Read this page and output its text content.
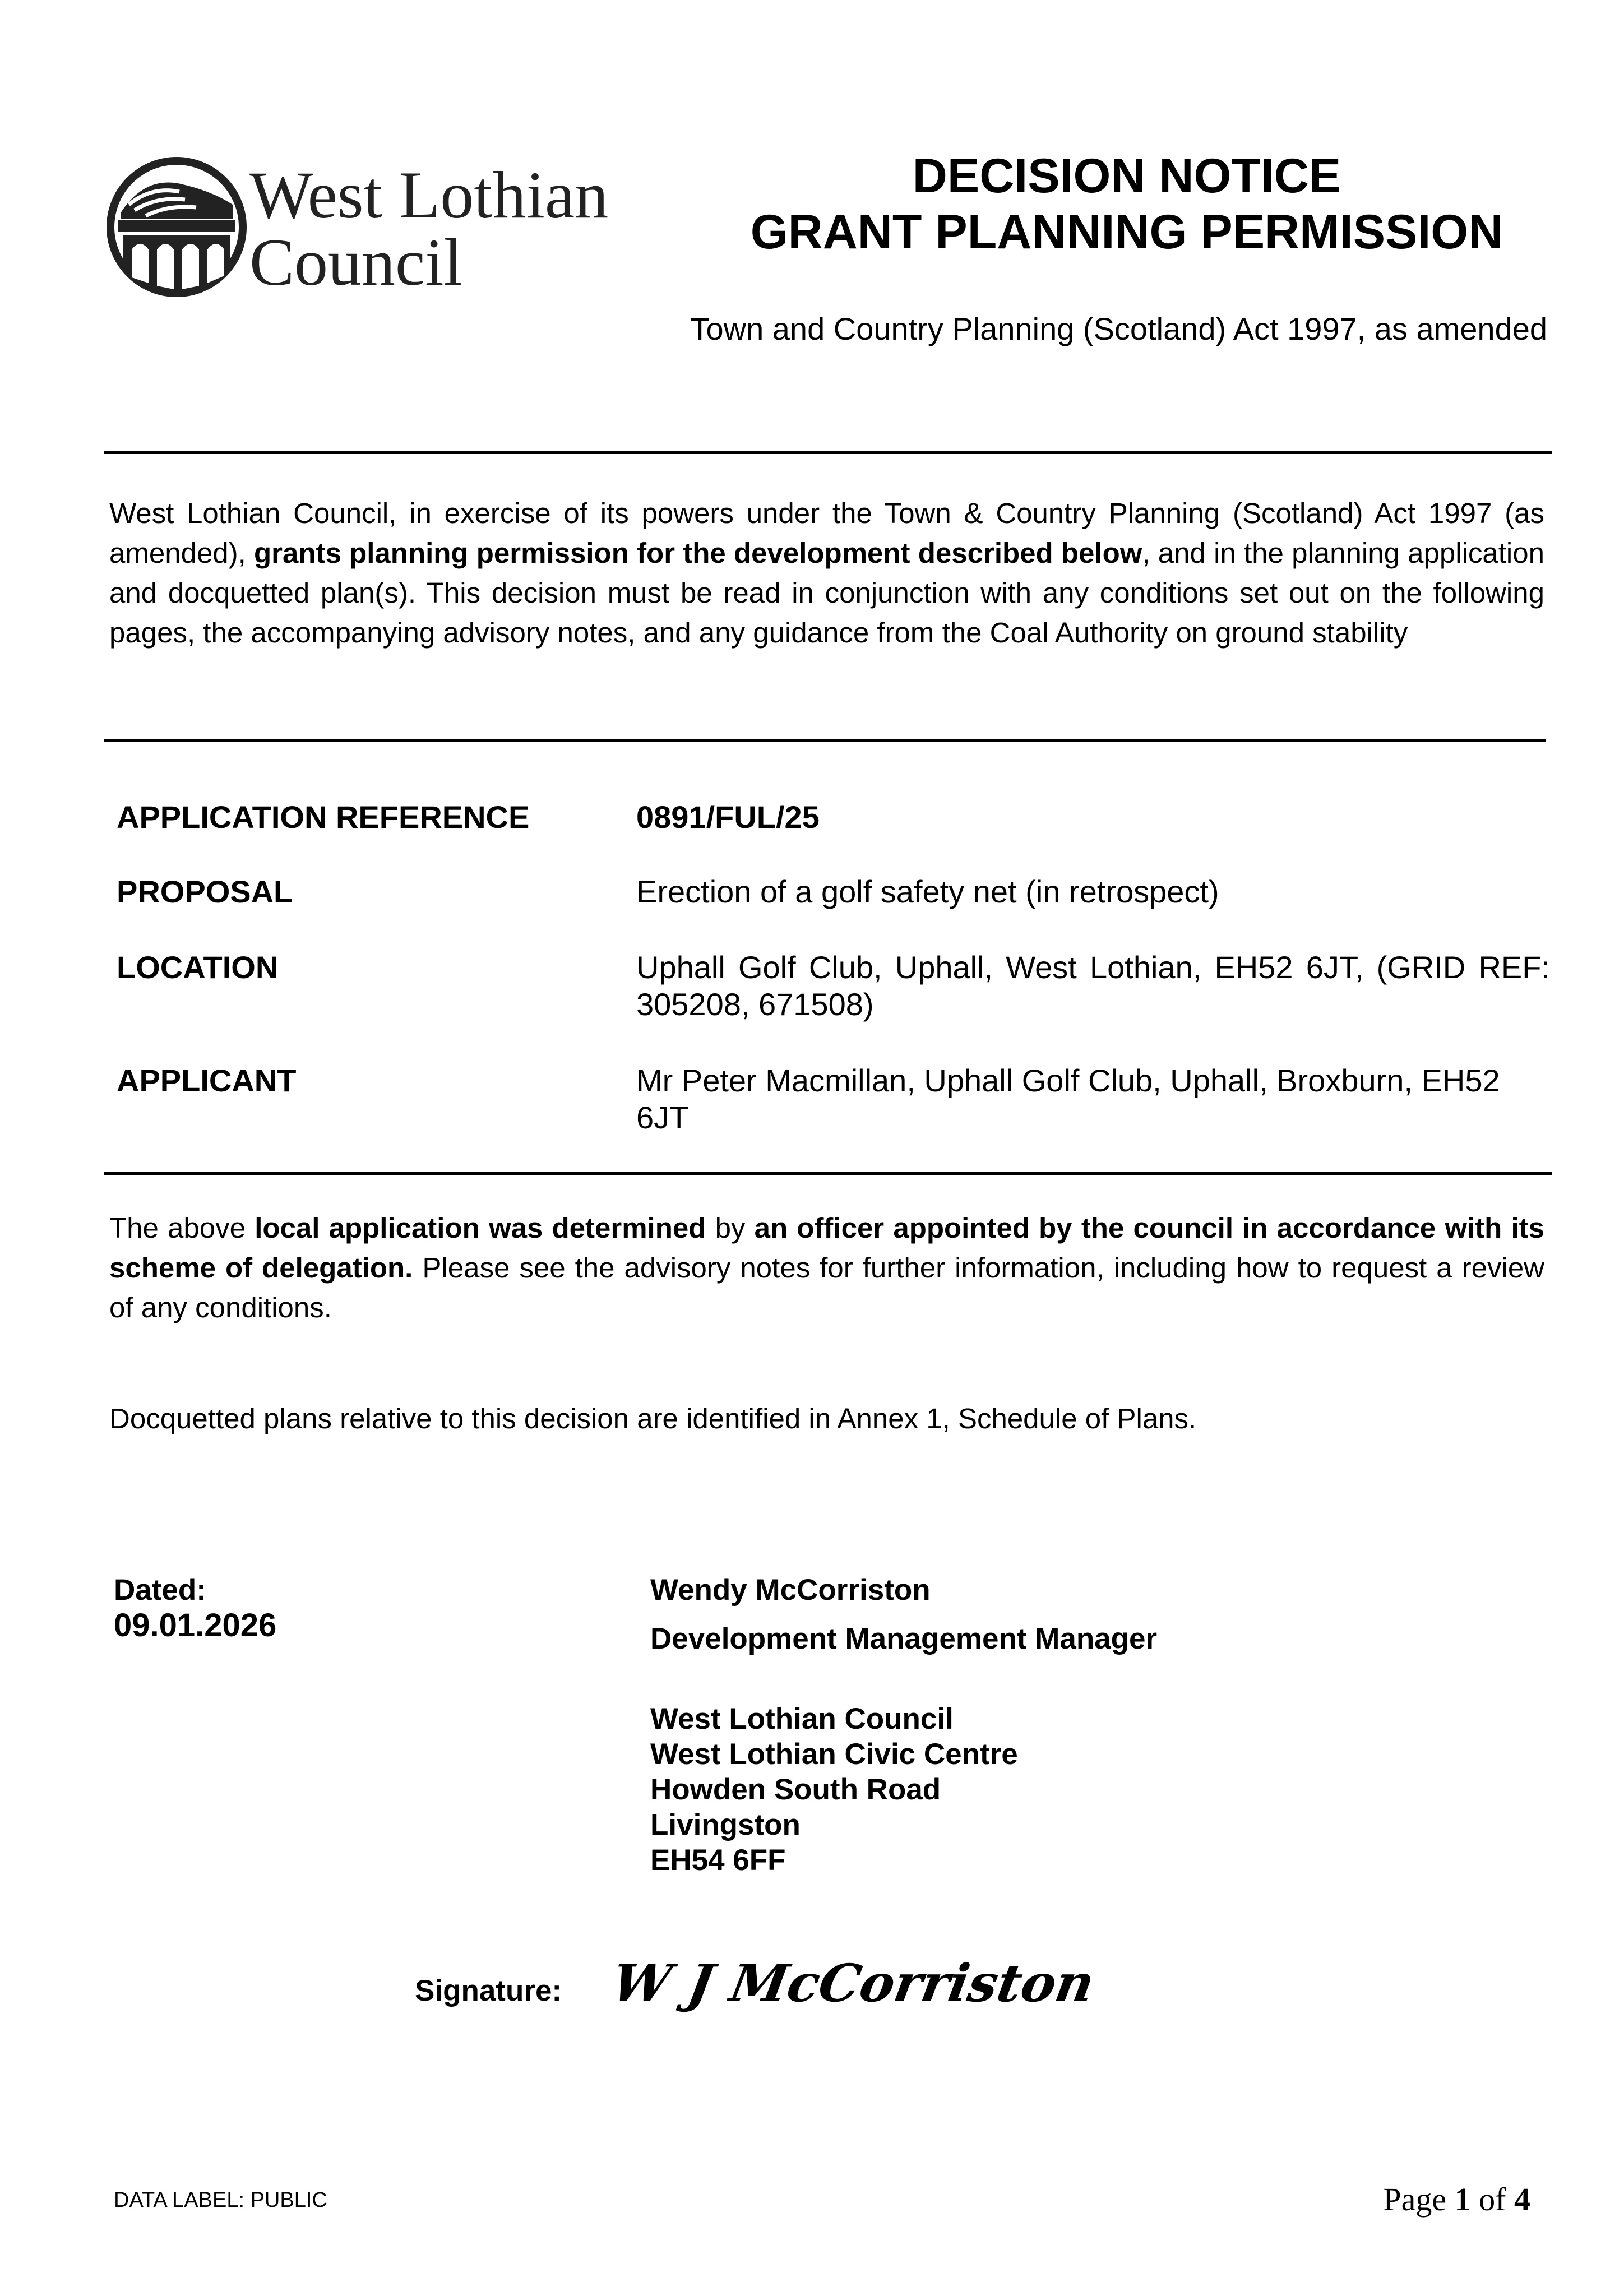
West Lothian
Council
DECISION NOTICE
GRANT PLANNING PERMISSION
Town and Country Planning (Scotland) Act 1997, as amended
West Lothian Council, in exercise of its powers under the Town & Country Planning (Scotland) Act 1997 (as amended), grants planning permission for the development described below, and in the planning application and docquetted plan(s). This decision must be read in conjunction with any conditions set out on the following pages, the accompanying advisory notes, and any guidance from the Coal Authority on ground stability
APPLICATION REFERENCE	0891/FUL/25
PROPOSAL	Erection of a golf safety net (in retrospect)
LOCATION	Uphall Golf Club, Uphall, West Lothian, EH52 6JT, (GRID REF: 305208, 671508)
APPLICANT	Mr Peter Macmillan, Uphall Golf Club, Uphall, Broxburn, EH52 6JT
The above local application was determined by an officer appointed by the council in accordance with its scheme of delegation. Please see the advisory notes for further information, including how to request a review of any conditions.
Docquetted plans relative to this decision are identified in Annex 1, Schedule of Plans.
Dated:
09.01.2026
Wendy McCorriston
Development Management Manager
West Lothian Council
West Lothian Civic Centre
Howden South Road
Livingston
EH54 6FF
Signature: W J McCorriston
DATA LABEL: PUBLIC	Page 1 of 4
